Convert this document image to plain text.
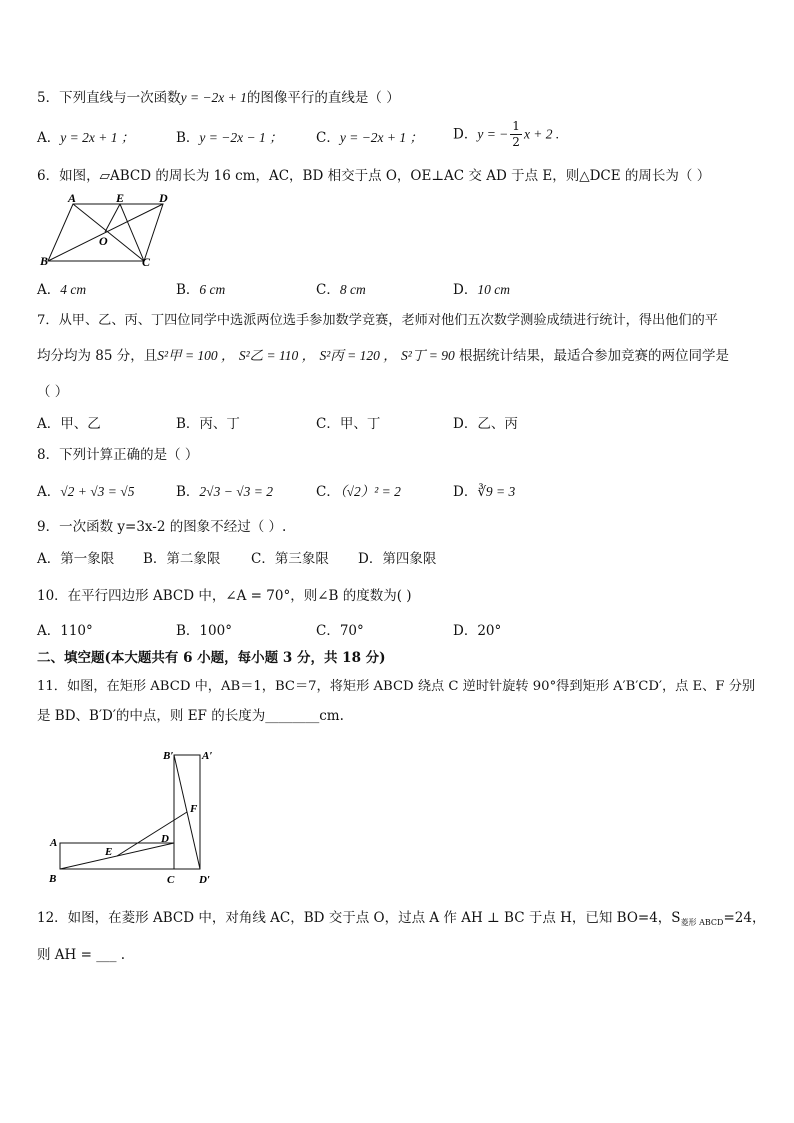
5．下列直线与一次函数y = −2x + 1的图像平行的直线是（ ）
A．y = 2x + 1 ；	B．y = −2x − 1 ； C．y = −2x + 1 ； D．y = − $\frac{1}{2}$ x + 2 .
6．如图，▱ABCD 的周长为 16 cm，AC，BD 相交于点 O，OE⊥AC 交 AD 于点 E，则△DCE 的周长为（ ）
A	E	D
O
B	C
A．4 cm	B．6 cm	C．8 cm	D．10 cm
7．从甲、乙、丙、丁四位同学中选派两位选手参加数学竞赛，老师对他们五次数学测验成绩进行统计，得出他们的平
均分均为 85 分，且S²甲 = 100 ， S²乙 = 110 ， S²丙 = 120 ， S²丁 = 90 根据统计结果，最适合参加竞赛的两位同学是
（ ）
A．甲、乙	B．丙、丁	C．甲、丁	D．乙、丙
8．下列计算正确的是（ ）
A．√2 + √3 = √5	B．2√3 − √3 = 2	C．（√2）² = 2	D．∛9 = 3
9．一次函数 y=3x-2 的图象不经过（ ）.
A．第一象限 B．第二象限 C．第三象限 D．第四象限
10．在平行四边形 ABCD 中，∠A = 70°，则∠B 的度数为( )
A．110°	B．100°	C．70°	D．20°
二、填空题(本大题共有 6 小题，每小题 3 分，共 18 分)
11．如图，在矩形 ABCD 中，AB＝1，BC＝7，将矩形 ABCD 绕点 C 逆时针旋转 90°得到矩形 A′B′CD′，点 E、F 分别
是 BD、B′D′的中点，则 EF 的长度为________cm.
B′	A′
F
A	D
E
B	C D′
12．如图，在菱形 ABCD 中，对角线 AC，BD 交于点 O，过点 A 作 AH ⊥ BC 于点 H，已知 BO=4，$S_{菱形 ABCD}=24$，
则 AH = ___ .
